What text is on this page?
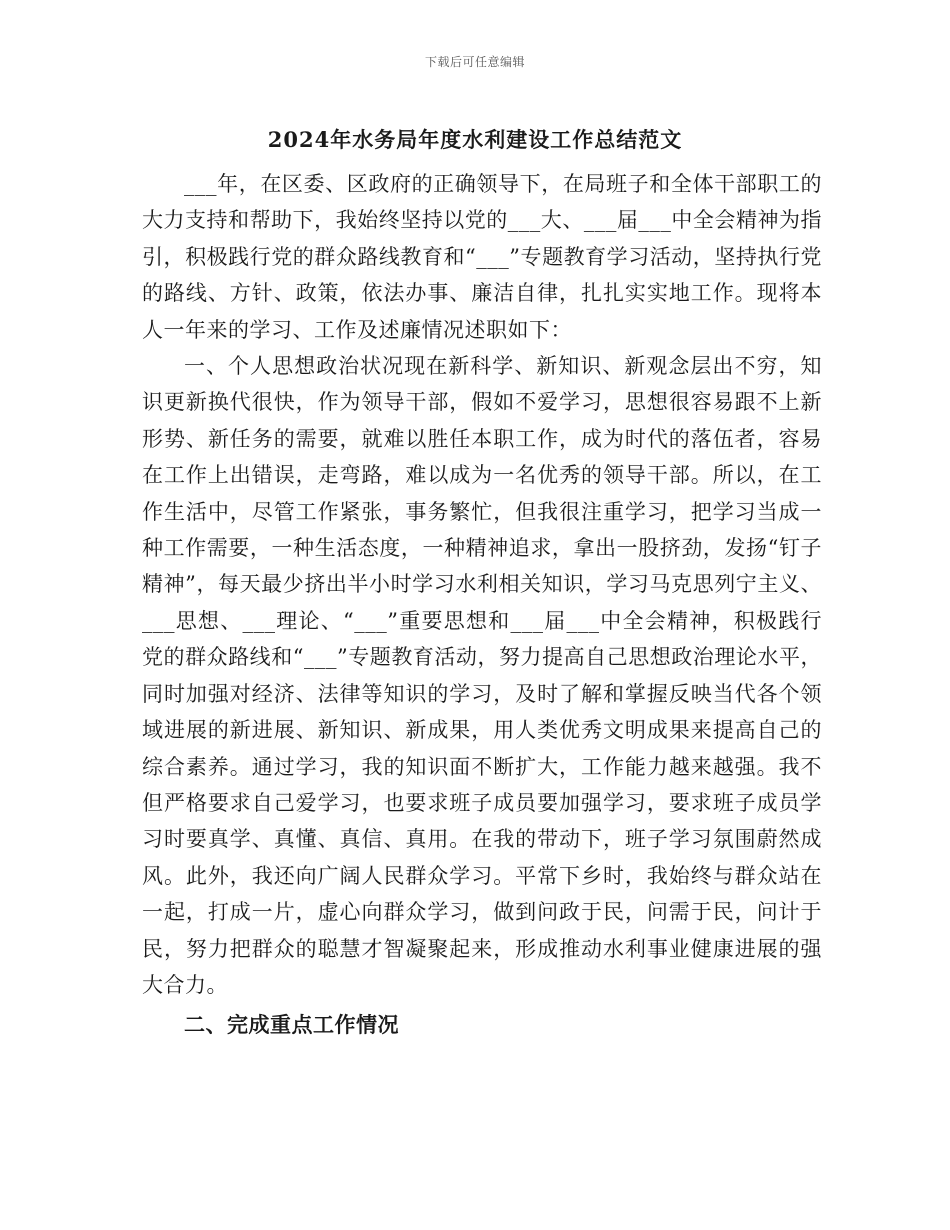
下载后可任意编辑
2024年水务局年度水利建设工作总结范文

___年，在区委、区政府的正确领导下，在局班子和全体干部职工的大力支持和帮助下，我始终坚持以党的___大、___届___中全会精神为指引，积极践行党的群众路线教育和“___”专题教育学习活动，坚持执行党的路线、方针、政策，依法办事、廉洁自律，扎扎实实地工作。现将本人一年来的学习、工作及述廉情况述职如下：

一、个人思想政治状况现在新科学、新知识、新观念层出不穷，知识更新换代很快，作为领导干部，假如不爱学习，思想很容易跟不上新形势、新任务的需要，就难以胜任本职工作，成为时代的落伍者，容易在工作上出错误，走弯路，难以成为一名优秀的领导干部。所以，在工作生活中，尽管工作紧张，事务繁忙，但我很注重学习，把学习当成一种工作需要，一种生活态度，一种精神追求，拿出一股挤劲，发扬“钉子精神”，每天最少挤出半小时学习水利相关知识，学习马克思列宁主义、___思想、___理论、“___”重要思想和___届___中全会精神，积极践行党的群众路线和“___”专题教育活动，努力提高自己思想政治理论水平，同时加强对经济、法律等知识的学习，及时了解和掌握反映当代各个领域进展的新进展、新知识、新成果，用人类优秀文明成果来提高自己的综合素养。通过学习，我的知识面不断扩大，工作能力越来越强。我不但严格要求自己爱学习，也要求班子成员要加强学习，要求班子成员学习时要真学、真懂、真信、真用。在我的带动下，班子学习氛围蔚然成风。此外，我还向广阔人民群众学习。平常下乡时，我始终与群众站在一起，打成一片，虚心向群众学习，做到问政于民，问需于民，问计于民，努力把群众的聪慧才智凝聚起来，形成推动水利事业健康进展的强大合力。

二、完成重点工作情况
